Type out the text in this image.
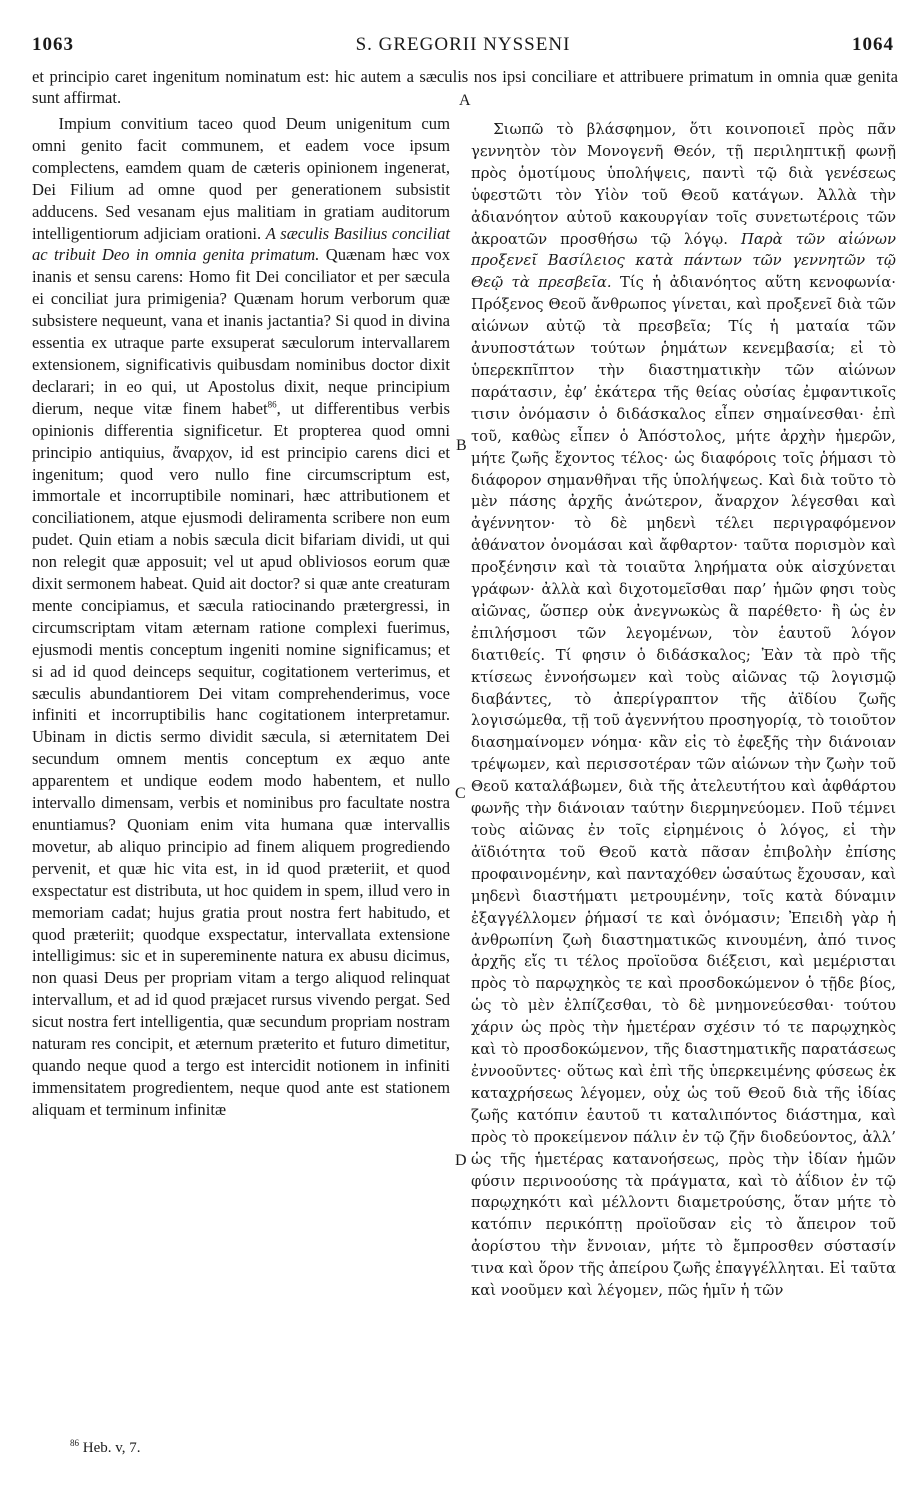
1063	S. GREGORII NYSSENI	1064

et principio caret ingenitum nominatum est: hic autem a sæculis nos ipsi conciliare et attribuere primatum in omnia quæ genita sunt affirmat.

Impium convitium taceo quod Deum unigenitum cum omni genito facit communem, et eadem voce ipsum complectens, eamdem quam de cæteris opinionem ingenerat, Dei Filium ad omne quod per generationem subsistit adducens. Sed vesanam ejus malitiam in gratiam auditorum intelligentiorum adjiciam orationi. A sæculis Basilius conciliat ac tribuit Deo in omnia genita primatum. Quænam hæc vox inanis et sensu carens: Homo fit Dei conciliator et per sæcula ei conciliat jura primigenia? Quænam horum verborum quæ subsistere nequeunt, vana et inanis jactantia? Si quod in divina essentia ex utraque parte exsuperat sæculorum intervallarem extensionem, significativis quibusdam nominibus doctor dixit declarari; in eo qui, ut Apostolus dixit, neque principium dierum, neque vitæ finem habet$^{86}$, ut differentibus verbis opinionis differentia significetur. Et propterea quod omni principio antiquius, ἄναρχον, id est principio carens dici et ingenitum; quod vero nullo fine circumscriptum est, immortale et incorruptibile nominari, hæc attributionem et conciliationem, atque ejusmodi deliramenta scribere non eum pudet. Quin etiam a nobis sæcula dicit bifariam dividi, ut qui non relegit quæ apposuit; vel ut apud obliviosos eorum quæ dixit sermonem habeat. Quid ait doctor? si quæ ante creaturam mente concipiamus, et sæcula ratiocinando prætergressi, in circumscriptam vitam æternam ratione complexi fuerimus, ejusmodi mentis conceptum ingeniti nomine significamus; et si ad id quod deinceps sequitur, cogitationem verterimus, et sæculis abundantiorem Dei vitam comprehenderimus, voce infiniti et incorruptibilis hanc cogitationem interpretamur. Ubinam in dictis sermo dividit sæcula, si æternitatem Dei secundum omnem mentis conceptum ex æquo ante apparentem et undique eodem modo habentem, et nullo intervallo dimensam, verbis et nominibus pro facultate nostra enuntiamus? Quoniam enim vita humana quæ intervallis movetur, ab aliquo principio ad finem aliquem progrediendo pervenit, et quæ hic vita est, in id quod præteriit, et quod exspectatur est distributa, ut hoc quidem in spem, illud vero in memoriam cadat; hujus gratia prout nostra fert habitudo, et quod præteriit; quodque exspectatur, intervallata extensione intelligimus: sic et in supereminente natura ex abusu dicimus, non quasi Deus per propriam vitam a tergo aliquod relinquat intervallum, et ad id quod præjacet rursus vivendo pergat. Sed sicut nostra fert intelligentia, quæ secundum propriam nostram naturam res concipit, et æternum præterito et futuro dimetitur, quando neque quod a tergo est intercidit notionem in infiniti immensitatem progredientem, neque quod ante est stationem aliquam et terminum infinitæ

Σιωπῶ τὸ βλάσφημον, ὅτι κοινοποιεῖ πρὸς πᾶν γεννητὸν τὸν Μονογενῆ Θεόν, τῇ περιληπτικῇ φωνῇ πρὸς ὁμοτίμους ὑπολήψεις, παντὶ τῷ διὰ γενέσεως ὑφεστῶτι τὸν Υἱὸν τοῦ Θεοῦ κατάγων. Ἀλλὰ τὴν ἀδιανόητον αὐτοῦ κακουργίαν τοῖς συνετωτέροις τῶν ἀκροατῶν προσθήσω τῷ λόγῳ. Παρὰ τῶν αἰώνων προξενεῖ Βασίλειος κατὰ πάντων τῶν γεννητῶν τῷ Θεῷ τὰ πρεσβεῖα. Τίς ἡ ἀδιανόητος αὕτη κενοφωνία· Πρόξενος Θεοῦ ἄνθρωπος γίνεται, καὶ προξενεῖ διὰ τῶν αἰώνων αὐτῷ τὰ πρεσβεῖα; Τίς ἡ ματαία τῶν ἀνυποστάτων τούτων ῥημάτων κενεμβασία; εἰ τὸ ὑπερεκπῖπτον τὴν διαστηματικὴν τῶν αἰώνων παράτασιν, ἐφ’ ἑκάτερα τῆς θείας οὐσίας ἐμφαντικοῖς τισιν ὀνόμασιν ὁ διδάσκαλος εἶπεν σημαίνεσθαι· ἐπὶ τοῦ, καθὼς εἶπεν ὁ Ἀπόστολος, μήτε ἀρχὴν ἡμερῶν, μήτε ζωῆς ἔχοντος τέλος· ὡς διαφόροις τοῖς ῥήμασι τὸ διάφορον σημανθῆναι τῆς ὑπολήψεως. Καὶ διὰ τοῦτο τὸ μὲν πάσης ἀρχῆς ἀνώτερον, ἄναρχον λέγεσθαι καὶ ἀγέννητον· τὸ δὲ μηδενὶ τέλει περιγραφόμενον ἀθάνατον ὀνομάσαι καὶ ἄφθαρτον· ταῦτα πορισμὸν καὶ προξένησιν καὶ τὰ τοιαῦτα ληρήματα οὐκ αἰσχύνεται γράφων· ἀλλὰ καὶ διχοτομεῖσθαι παρ’ ἡμῶν φησι τοὺς αἰῶνας, ὥσπερ οὐκ ἀνεγνωκὼς ἃ παρέθετο· ἢ ὡς ἐν ἐπιλήσμοσι τῶν λεγομένων, τὸν ἑαυτοῦ λόγον διατιθείς. Τί φησιν ὁ διδάσκαλος; Ἐὰν τὰ πρὸ τῆς κτίσεως ἐννοήσωμεν καὶ τοὺς αἰῶνας τῷ λογισμῷ διαβάντες, τὸ ἀπερίγραπτον τῆς ἀϊδίου ζωῆς λογισώμεθα, τῇ τοῦ ἀγεννήτου προσηγορίᾳ, τὸ τοιοῦτον διασημαίνομεν νόημα· κἂν εἰς τὸ ἐφεξῆς τὴν διάνοιαν τρέψωμεν, καὶ περισσοτέραν τῶν αἰώνων τὴν ζωὴν τοῦ Θεοῦ καταλάβωμεν, διὰ τῆς ἀτελευτήτου καὶ ἀφθάρτου φωνῆς τὴν διάνοιαν ταύτην διερμηνεύομεν. Ποῦ τέμνει τοὺς αἰῶνας ἐν τοῖς εἰρημένοις ὁ λόγος, εἰ τὴν ἀϊδιότητα τοῦ Θεοῦ κατὰ πᾶσαν ἐπιβολὴν ἐπίσης προφαινομένην, καὶ πανταχόθεν ὡσαύτως ἔχουσαν, καὶ μηδενὶ διαστήματι μετρουμένην, τοῖς κατὰ δύναμιν ἐξαγγέλλομεν ῥήμασί τε καὶ ὀνόμασιν; Ἐπειδὴ γὰρ ἡ ἀνθρωπίνη ζωὴ διαστηματικῶς κινουμένη, ἀπό τινος ἀρχῆς εἴς τι τέλος προϊοῦσα διέξεισι, καὶ μεμέρισται πρὸς τὸ παρῳχηκὸς τε καὶ προσδοκώμενον ὁ τῇδε βίος, ὡς τὸ μὲν ἐλπίζεσθαι, τὸ δὲ μνημονεύεσθαι· τούτου χάριν ὡς πρὸς τὴν ἡμετέραν σχέσιν τό τε παρῳχηκὸς καὶ τὸ προσδοκώμενον, τῆς διαστηματικῆς παρατάσεως ἐννοοῦντες· οὕτως καὶ ἐπὶ τῆς ὑπερκειμένης φύσεως ἐκ καταχρήσεως λέγομεν, οὐχ ὡς τοῦ Θεοῦ διὰ τῆς ἰδίας ζωῆς κατόπιν ἑαυτοῦ τι καταλιπόντος διάστημα, καὶ πρὸς τὸ προκείμενον πάλιν ἐν τῷ ζῆν διοδεύοντος, ἀλλ’ ὡς τῆς ἡμετέρας κατανοήσεως, πρὸς τὴν ἰδίαν ἡμῶν φύσιν περινοούσης τὰ πράγματα, καὶ τὸ ἀΐδιον ἐν τῷ παρῳχηκότι καὶ μέλλοντι διαμετρούσης, ὅταν μήτε τὸ κατόπιν περικόπτῃ προϊοῦσαν εἰς τὸ ἄπειρον τοῦ ἀορίστου τὴν ἔννοιαν, μήτε τὸ ἔμπροσθεν σύστασίν τινα καὶ ὅρον τῆς ἀπείρου ζωῆς ἐπαγγέλληται. Εἰ ταῦτα καὶ νοοῦμεν καὶ λέγομεν, πῶς ἡμῖν ἡ τῶν

A
B
C
D

$^{86}$ Heb. v, 7.
